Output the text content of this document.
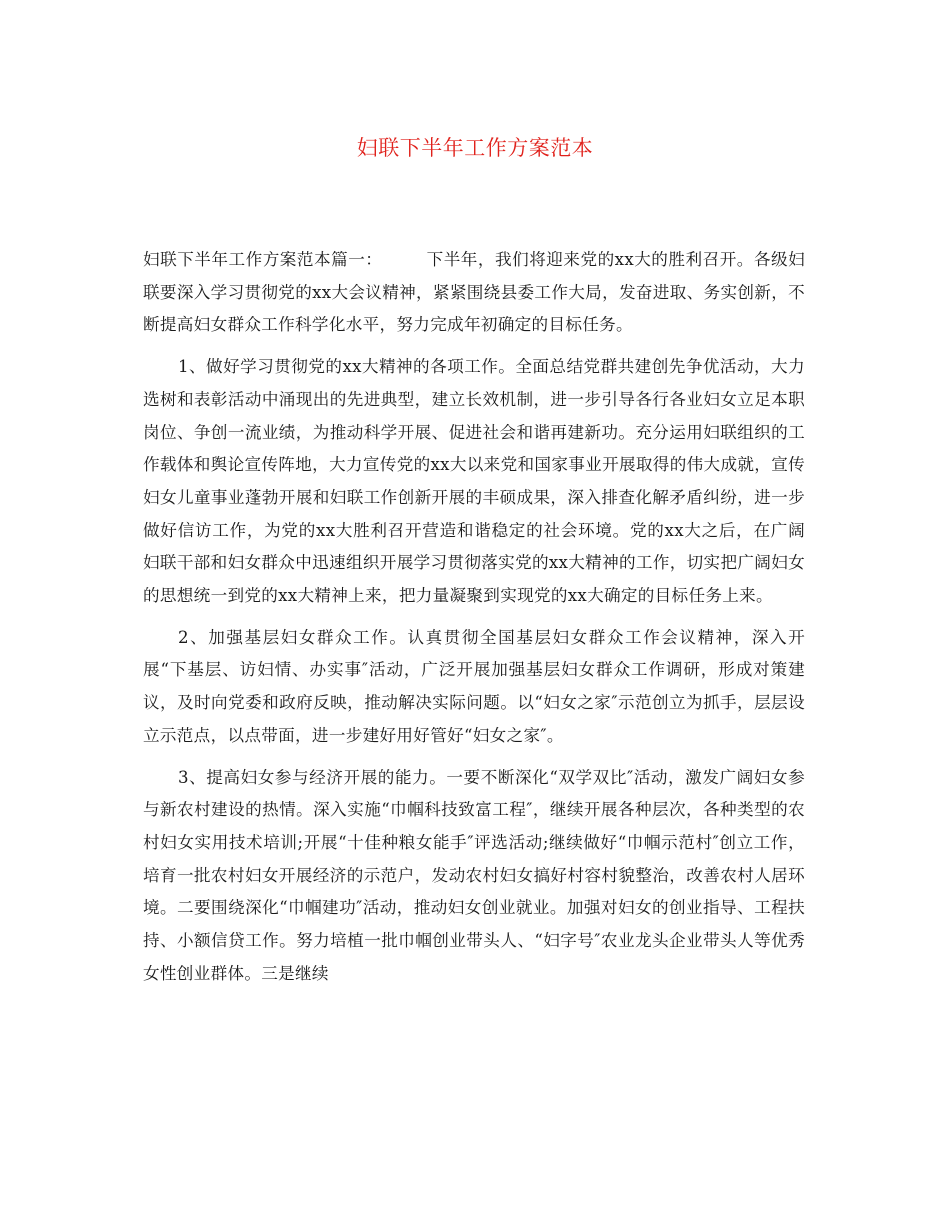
妇联下半年工作方案范本

妇联下半年工作方案范本篇一：	下半年，我们将迎来党的xx大的胜利召开。各级妇联要深入学习贯彻党的xx大会议精神，紧紧围绕县委工作大局，发奋进取、务实创新，不断提高妇女群众工作科学化水平，努力完成年初确定的目标任务。

1、做好学习贯彻党的xx大精神的各项工作。全面总结党群共建创先争优活动，大力选树和表彰活动中涌现出的先进典型，建立长效机制，进一步引导各行各业妇女立足本职岗位、争创一流业绩，为推动科学开展、促进社会和谐再建新功。充分运用妇联组织的工作载体和舆论宣传阵地，大力宣传党的xx大以来党和国家事业开展取得的伟大成就，宣传妇女儿童事业蓬勃开展和妇联工作创新开展的丰硕成果，深入排查化解矛盾纠纷，进一步做好信访工作，为党的xx大胜利召开营造和谐稳定的社会环境。党的xx大之后，在广阔妇联干部和妇女群众中迅速组织开展学习贯彻落实党的xx大精神的工作，切实把广阔妇女的思想统一到党的xx大精神上来，把力量凝聚到实现党的xx大确定的目标任务上来。

2、加强基层妇女群众工作。认真贯彻全国基层妇女群众工作会议精神，深入开展“下基层、访妇情、办实事″活动，广泛开展加强基层妇女群众工作调研，形成对策建议，及时向党委和政府反映，推动解决实际问题。以“妇女之家″示范创立为抓手，层层设立示范点，以点带面，进一步建好用好管好“妇女之家″。

3、提高妇女参与经济开展的能力。一要不断深化“双学双比″活动，激发广阔妇女参与新农村建设的热情。深入实施“巾帼科技致富工程″，继续开展各种层次，各种类型的农村妇女实用技术培训;开展“十佳种粮女能手″评选活动;继续做好“巾帼示范村″创立工作，培育一批农村妇女开展经济的示范户，发动农村妇女搞好村容村貌整治，改善农村人居环境。二要围绕深化“巾帼建功″活动，推动妇女创业就业。加强对妇女的创业指导、工程扶持、小额信贷工作。努力培植一批巾帼创业带头人、“妇字号″农业龙头企业带头人等优秀女性创业群体。三是继续
